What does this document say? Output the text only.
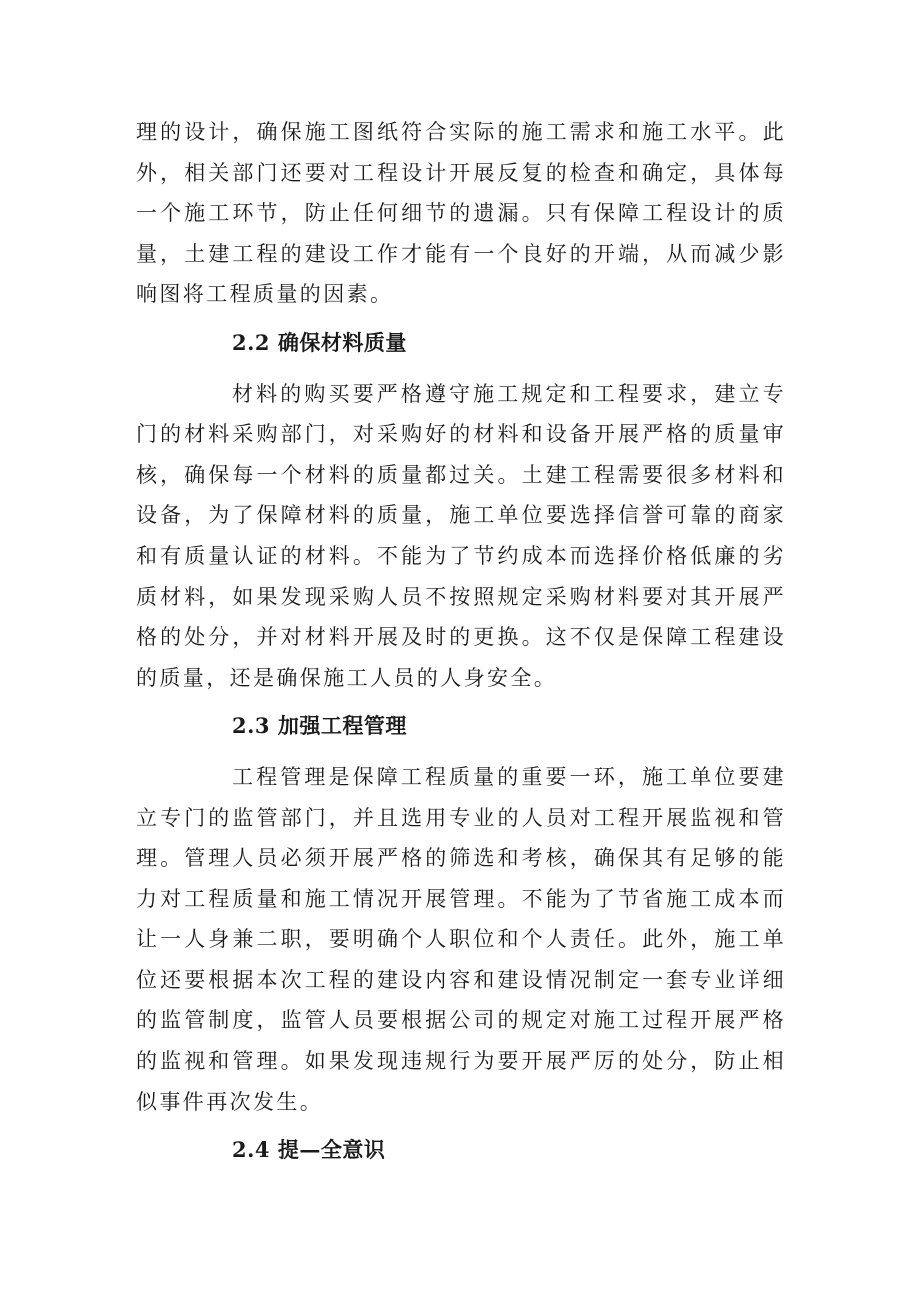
理的设计，确保施工图纸符合实际的施工需求和施工水平。此外，相关部门还要对工程设计开展反复的检查和确定，具体每一个施工环节，防止任何细节的遗漏。只有保障工程设计的质量，土建工程的建设工作才能有一个良好的开端，从而减少影响图将工程质量的因素。

2.2 确保材料质量

材料的购买要严格遵守施工规定和工程要求，建立专门的材料采购部门，对采购好的材料和设备开展严格的质量审核，确保每一个材料的质量都过关。土建工程需要很多材料和设备，为了保障材料的质量，施工单位要选择信誉可靠的商家和有质量认证的材料。不能为了节约成本而选择价格低廉的劣质材料，如果发现采购人员不按照规定采购材料要对其开展严格的处分，并对材料开展及时的更换。这不仅是保障工程建设的质量，还是确保施工人员的人身安全。

2.3 加强工程管理

工程管理是保障工程质量的重要一环，施工单位要建立专门的监管部门，并且选用专业的人员对工程开展监视和管理。管理人员必须开展严格的筛选和考核，确保其有足够的能力对工程质量和施工情况开展管理。不能为了节省施工成本而让一人身兼二职，要明确个人职位和个人责任。此外，施工单位还要根据本次工程的建设内容和建设情况制定一套专业详细的监管制度，监管人员要根据公司的规定对施工过程开展严格的监视和管理。如果发现违规行为要开展严厉的处分，防止相似事件再次发生。

2.4 提—全意识
